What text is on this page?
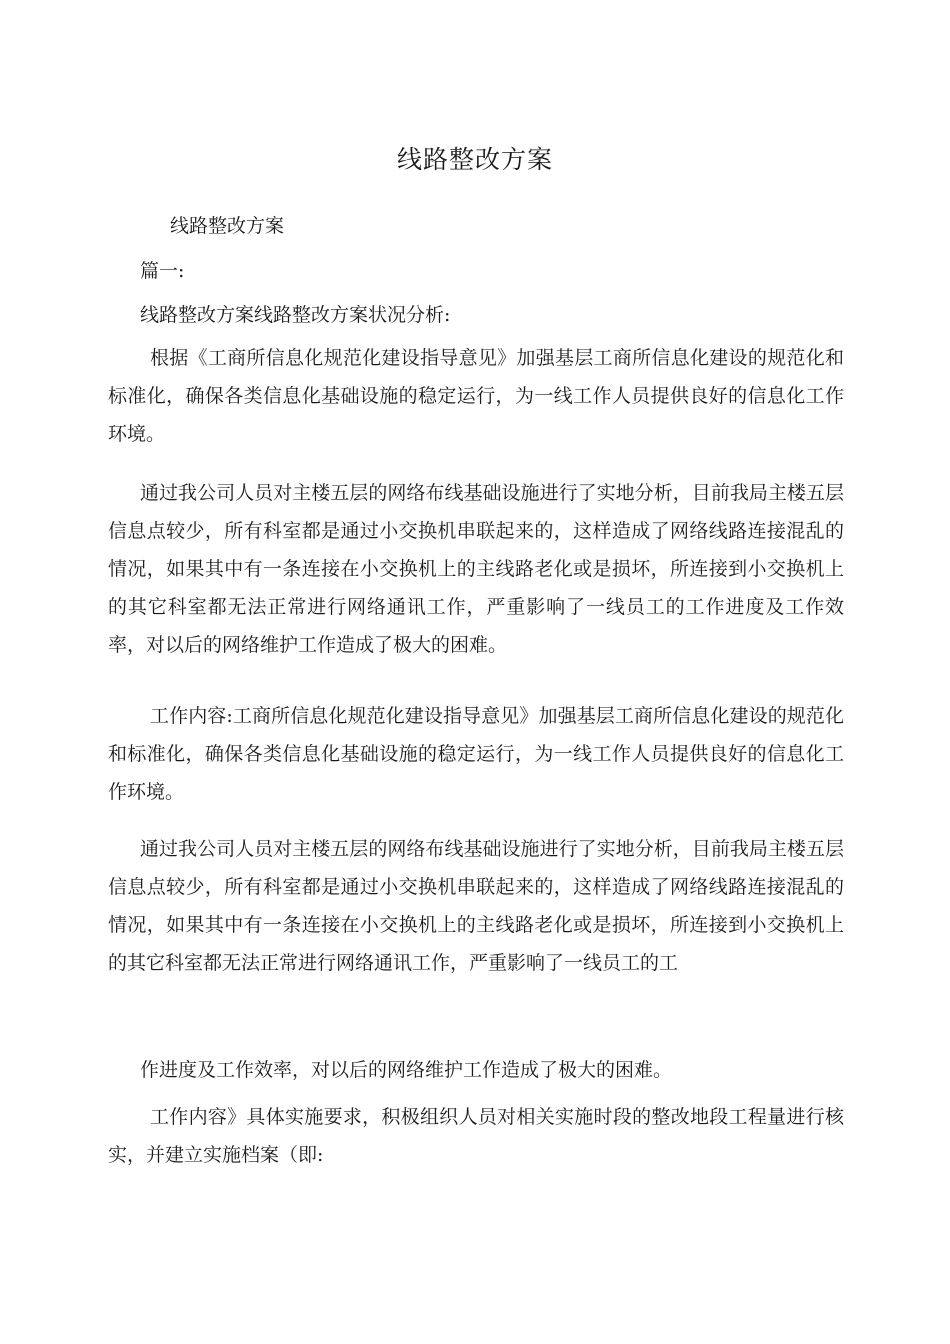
线路整改方案

线路整改方案

篇一:

线路整改方案线路整改方案状况分析:

根据《工商所信息化规范化建设指导意见》加强基层工商所信息化建设的规范化和标准化，确保各类信息化基础设施的稳定运行，为一线工作人员提供良好的信息化工作环境。

通过我公司人员对主楼五层的网络布线基础设施进行了实地分析，目前我局主楼五层信息点较少，所有科室都是通过小交换机串联起来的，这样造成了网络线路连接混乱的情况，如果其中有一条连接在小交换机上的主线路老化或是损坏，所连接到小交换机上的其它科室都无法正常进行网络通讯工作，严重影响了一线员工的工作进度及工作效率，对以后的网络维护工作造成了极大的困难。

工作内容:工商所信息化规范化建设指导意见》加强基层工商所信息化建设的规范化和标准化，确保各类信息化基础设施的稳定运行，为一线工作人员提供良好的信息化工作环境。

通过我公司人员对主楼五层的网络布线基础设施进行了实地分析，目前我局主楼五层信息点较少，所有科室都是通过小交换机串联起来的，这样造成了网络线路连接混乱的情况，如果其中有一条连接在小交换机上的主线路老化或是损坏，所连接到小交换机上的其它科室都无法正常进行网络通讯工作，严重影响了一线员工的工

作进度及工作效率，对以后的网络维护工作造成了极大的困难。

工作内容》具体实施要求，积极组织人员对相关实施时段的整改地段工程量进行核实，并建立实施档案（即:
